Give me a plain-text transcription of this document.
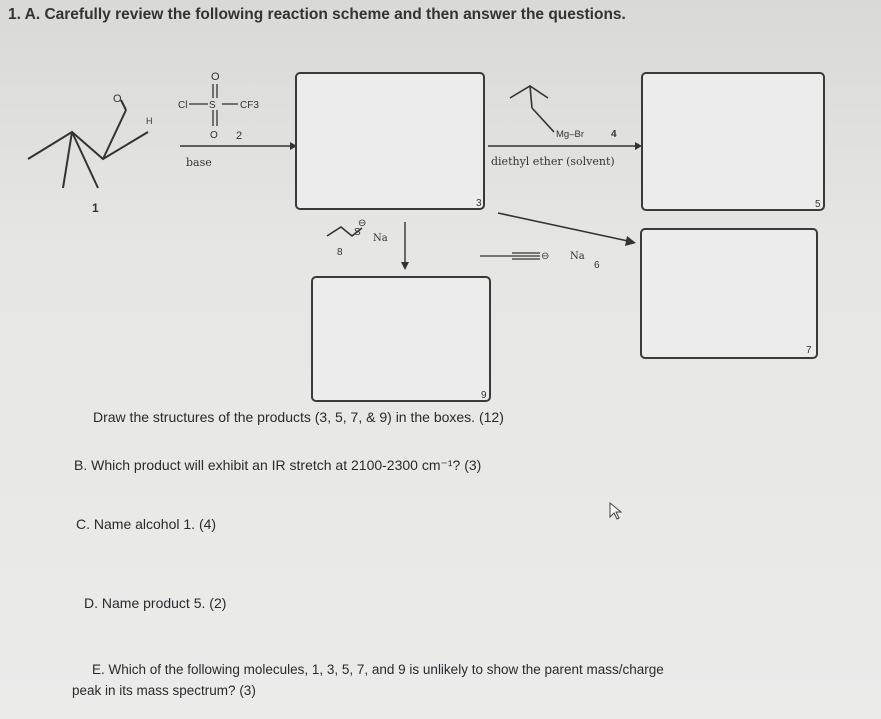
1. A. Carefully review the following reaction scheme and then answer the questions.
O
H
1
O
Cl S CF3
O 2
base
3
Mg–Br	4
diethyl ether (solvent)
5
8
S
⊖
Na
9
⊖ Na
6
7
Draw the structures of the products (3, 5, 7, & 9) in the boxes. (12)
B. Which product will exhibit an IR stretch at 2100-2300 cm⁻¹? (3)
C. Name alcohol 1. (4)
D. Name product 5. (2)
E. Which of the following molecules, 1, 3, 5, 7, and 9 is unlikely to show the parent mass/charge
peak in its mass spectrum? (3)
